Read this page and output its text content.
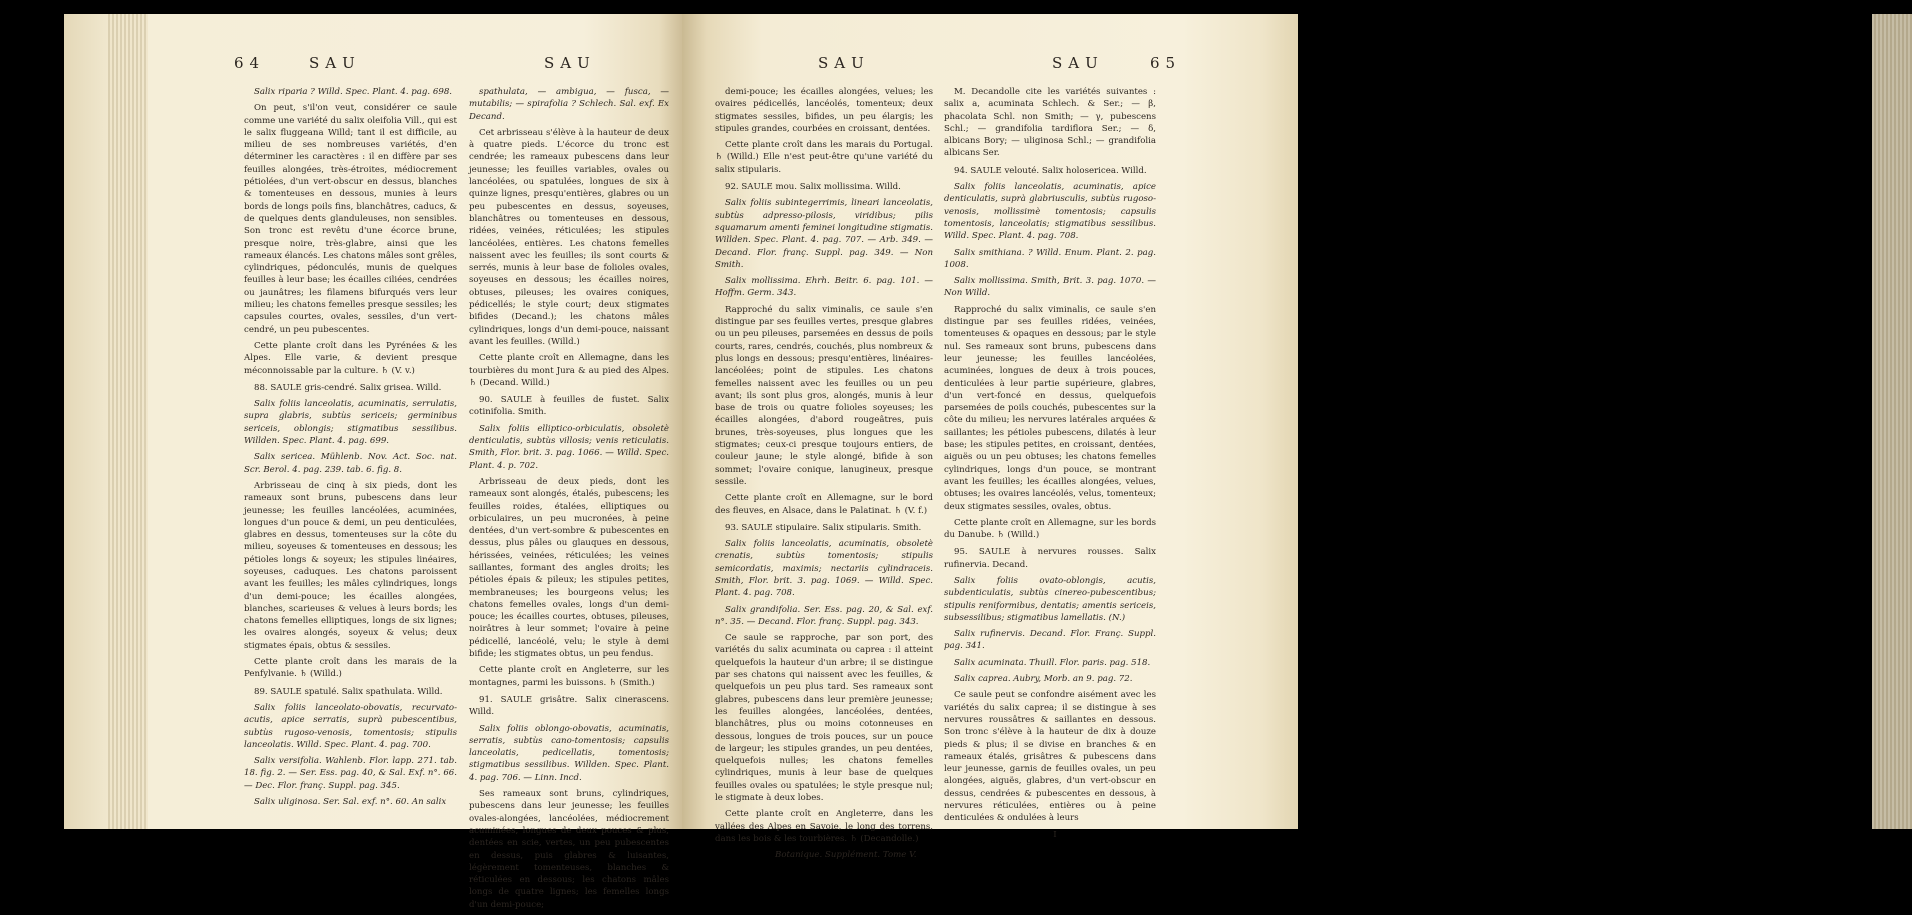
64	SAU	SAU

Salix riparia ? Willd. Spec. Plant. 4. pag. 698.

On peut, s'il'on veut, considérer ce saule comme une variété du salix oleifolia Vill., qui est le salix fluggeana Willd; tant il est difficile, au milieu de ses nombreuses variétés, d'en déterminer les caractères : il en diffère par ses feuilles alongées, très-étroites, médiocrement pétiolées, d'un vert-obscur en dessus, blanches & tomenteuses en dessous, munies à leurs bords de longs poils fins, blanchâtres, caducs, & de quelques dents glanduleuses, non sensibles. Son tronc est revêtu d'une écorce brune, presque noire, très-glabre, ainsi que les rameaux élancés. Les chatons mâles sont grêles, cylindriques, pédonculés, munis de quelques feuilles à leur base; les écailles ciliées, cendrées ou jaunâtres; les filamens bifurqués vers leur milieu; les chatons femelles presque sessiles; les capsules courtes, ovales, sessiles, d'un vert-cendré, un peu pubescentes.

Cette plante croît dans les Pyrénées & les Alpes. Elle varie, & devient presque méconnoissable par la culture. ♄ (V. v.)

88. SAULE gris-cendré. Salix grisea. Willd.

Salix foliis lanceolatis, acuminatis, serrulatis, supra glabris, subtùs sericeis; germinibus sericeis, oblongis; stigmatibus sessilibus. Willden. Spec. Plant. 4. pag. 699.

Salix sericea. Mühlenb. Nov. Act. Soc. nat. Scr. Berol. 4. pag. 239. tab. 6. fig. 8.

Arbrisseau de cinq à six pieds, dont les rameaux sont bruns, pubescens dans leur jeunesse; les feuilles lancéolées, acuminées, longues d'un pouce & demi, un peu denticulées, glabres en dessus, tomenteuses sur la côte du milieu, soyeuses & tomenteuses en dessous; les pétioles longs & soyeux; les stipules linéaires, soyeuses, caduques. Les chatons paroissent avant les feuilles; les mâles cylindriques, longs d'un demi-pouce; les écailles alongées, blanches, scarieuses & velues à leurs bords; les chatons femelles elliptiques, longs de six lignes; les ovaires alongés, soyeux & velus; deux stigmates épais, obtus & sessiles.

Cette plante croît dans les marais de la Penfylvanie. ♄ (Willd.)

89. SAULE spatulé. Salix spathulata. Willd.

Salix foliis lanceolato-obovatis, recurvato-acutis, apice serratis, suprà pubescentibus, subtùs rugoso-venosis, tomentosis; stipulis lanceolatis. Willd. Spec. Plant. 4. pag. 700.

Salix versifolia. Wahlenb. Flor. lapp. 271. tab. 18. fig. 2. — Ser. Ess. pag. 40, & Sal. Exf. n°. 66. — Dec. Flor. franç. Suppl. pag. 345.

Salix uliginosa. Ser. Sal. exf. n°. 60. An salix

spathulata, — ambigua, — fusca, — mutabilis; — spirafolia ? Schlech. Sal. exf. Ex Decand.

Cet arbrisseau s'élève à la hauteur de deux à quatre pieds. L'écorce du tronc est cendrée; les rameaux pubescens dans leur jeunesse; les feuilles variables, ovales ou lancéolées, ou spatulées, longues de six à quinze lignes, presqu'entières, glabres ou un peu pubescentes en dessus, soyeuses, blanchâtres ou tomenteuses en dessous, ridées, veinées, réticulées; les stipules lancéolées, entières. Les chatons femelles naissent avec les feuilles; ils sont courts & serrés, munis à leur base de folioles ovales, soyeuses en dessous; les écailles noires, obtuses, pileuses; les ovaires coniques, pédicellés; le style court; deux stigmates bifides (Decand.); les chatons mâles cylindriques, longs d'un demi-pouce, naissant avant les feuilles. (Willd.)

Cette plante croît en Allemagne, dans les tourbières du mont Jura & au pied des Alpes. ♄ (Decand. Willd.)

90. SAULE à feuilles de fustet. Salix cotinifolia. Smith.

Salix foliis elliptico-orbiculatis, obsoletè denticulatis, subtùs villosis; venis reticulatis. Smith, Flor. brit. 3. pag. 1066. — Willd. Spec. Plant. 4. p. 702.

Arbrisseau de deux pieds, dont les rameaux sont alongés, étalés, pubescens; les feuilles roides, étalées, elliptiques ou orbiculaires, un peu mucronées, à peine dentées, d'un vert-sombre & pubescentes en dessus, plus pâles ou glauques en dessous, hérissées, veinées, réticulées; les veines saillantes, formant des angles droits; les pétioles épais & pileux; les stipules petites, membraneuses; les bourgeons velus; les chatons femelles ovales, longs d'un demi-pouce; les écailles courtes, obtuses, pileuses, noirâtres à leur sommet; l'ovaire à peine pédicellé, lancéolé, velu; le style à demi bifide; les stigmates obtus, un peu fendus.

Cette plante croît en Angleterre, sur les montagnes, parmi les buissons. ♄ (Smith.)

91. SAULE grisâtre. Salix cinerascens. Willd.

Salix foliis oblongo-obovatis, acuminatis, serratis, subtùs cano-tomentosis; capsulis lanceolatis, pedicellatis, tomentosis; stigmatibus sessilibus. Willden. Spec. Plant. 4. pag. 706. — Linn. Incd.

Ses rameaux sont bruns, cylindriques, pubescens dans leur jeunesse; les feuilles ovales-alongées, lancéolées, médiocrement acuminées, longues de deux pouces & plus, dentées en scie, vertes, un peu pubescentes en dessus, puis glabres & luisantes, légèrement tomenteuses, blanches & réticulées en dessous; les chatons mâles longs de quatre lignes; les femelles longs d'un demi-pouce;

SAU	SAU	65

demi-pouce; les écailles alongées, velues; les ovaires pédicellés, lancéolés, tomenteux; deux stigmates sessiles, bifides, un peu élargis; les stipules grandes, courbées en croissant, dentées.

Cette plante croît dans les marais du Portugal. ♄ (Willd.) Elle n'est peut-être qu'une variété du salix stipularis.

92. SAULE mou. Salix mollissima. Willd.

Salix foliis subintegerrimis, lineari lanceolatis, subtùs adpresso-pilosis, viridibus; pilis squamarum amenti feminei longitudine stigmatis. Willden. Spec. Plant. 4. pag. 707. — Arb. 349. — Decand. Flor. franç. Suppl. pag. 349. — Non Smith.

Salix mollissima. Ehrh. Beitr. 6. pag. 101. — Hoffm. Germ. 343.

Rapproché du salix viminalis, ce saule s'en distingue par ses feuilles vertes, presque glabres ou un peu pileuses, parsemées en dessus de poils courts, rares, cendrés, couchés, plus nombreux & plus longs en dessous; presqu'entières, linéaires-lancéolées; point de stipules. Les chatons femelles naissent avec les feuilles ou un peu avant; ils sont plus gros, alongés, munis à leur base de trois ou quatre folioles soyeuses; les écailles alongées, d'abord rougeâtres, puis brunes, très-soyeuses, plus longues que les stigmates; ceux-ci presque toujours entiers, de couleur jaune; le style alongé, bifide à son sommet; l'ovaire conique, lanugineux, presque sessile.

Cette plante croît en Allemagne, sur le bord des fleuves, en Alsace, dans le Palatinat. ♄ (V. f.)

93. SAULE stipulaire. Salix stipularis. Smith.

Salix foliis lanceolatis, acuminatis, obsoletè crenatis, subtùs tomentosis; stipulis semicordatis, maximis; nectariis cylindraceis. Smith, Flor. brit. 3. pag. 1069. — Willd. Spec. Plant. 4. pag. 708.

Salix grandifolia. Ser. Ess. pag. 20, & Sal. exf. n°. 35. — Decand. Flor. franç. Suppl. pag. 343.

Ce saule se rapproche, par son port, des variétés du salix acuminata ou caprea : il atteint quelquefois la hauteur d'un arbre; il se distingue par ses chatons qui naissent avec les feuilles, & quelquefois un peu plus tard. Ses rameaux sont glabres, pubescens dans leur première jeunesse; les feuilles alongées, lancéolées, dentées, blanchâtres, plus ou moins cotonneuses en dessous, longues de trois pouces, sur un pouce de largeur; les stipules grandes, un peu dentées, quelquefois nulles; les chatons femelles cylindriques, munis à leur base de quelques feuilles ovales ou spatulées; le style presque nul; le stigmate à deux lobes.

Cette plante croît en Angleterre, dans les vallées des Alpes en Savoie, le long des torrens, dans les bois & les tourbières. ♄ (Decandolle.)

Botanique. Supplément. Tome V.

M. Decandolle cite les variétés suivantes : salix a, acuminata Schlech. & Ser.; — β, phacolata Schl. non Smith; — γ, pubescens Schl.; — grandifolia tardiflora Ser.; — δ, albicans Bory; — uliginosa Schl.; — grandifolia albicans Ser.

94. SAULE velouté. Salix holosericea. Willd.

Salix foliis lanceolatis, acuminatis, apice denticulatis, suprà glabriusculis, subtùs rugoso-venosis, mollissimè tomentosis; capsulis tomentosis, lanceolatis; stigmatibus sessilibus. Willd. Spec. Plant. 4. pag. 708.

Salix smithiana. ? Willd. Enum. Plant. 2. pag. 1008.

Salix mollissima. Smith, Brit. 3. pag. 1070. — Non Willd.

Rapproché du salix viminalis, ce saule s'en distingue par ses feuilles ridées, veinées, tomenteuses & opaques en dessous; par le style nul. Ses rameaux sont bruns, pubescens dans leur jeunesse; les feuilles lancéolées, acuminées, longues de deux à trois pouces, denticulées à leur partie supérieure, glabres, d'un vert-foncé en dessus, quelquefois parsemées de poils couchés, pubescentes sur la côte du milieu; les nervures latérales arquées & saillantes; les pétioles pubescens, dilatés à leur base; les stipules petites, en croissant, dentées, aiguës ou un peu obtuses; les chatons femelles cylindriques, longs d'un pouce, se montrant avant les feuilles; les écailles alongées, velues, obtuses; les ovaires lancéolés, velus, tomenteux; deux stigmates sessiles, ovales, obtus.

Cette plante croît en Allemagne, sur les bords du Danube. ♄ (Willd.)

95. SAULE à nervures rousses. Salix rufinervia. Decand.

Salix foliis ovato-oblongis, acutis, subdenticulatis, subtùs cinereo-pubescentibus; stipulis reniformibus, dentatis; amentis sericeis, subsessilibus; stigmatibus lamellatis. (N.)

Salix rufinervis. Decand. Flor. Franç. Suppl. pag. 341.

Salix acuminata. Thuill. Flor. paris. pag. 518.

Salix caprea. Aubry, Morb. an 9. pag. 72.

Ce saule peut se confondre aisément avec les variétés du salix caprea; il se distingue à ses nervures roussâtres & saillantes en dessous. Son tronc s'élève à la hauteur de dix à douze pieds & plus; il se divise en branches & en rameaux étalés, grisâtres & pubescens dans leur jeunesse, garnis de feuilles ovales, un peu alongées, aiguës, glabres, d'un vert-obscur en dessus, cendrées & pubescentes en dessous, à nervures réticulées, entières ou à peine denticulées & ondulées à leurs

I
